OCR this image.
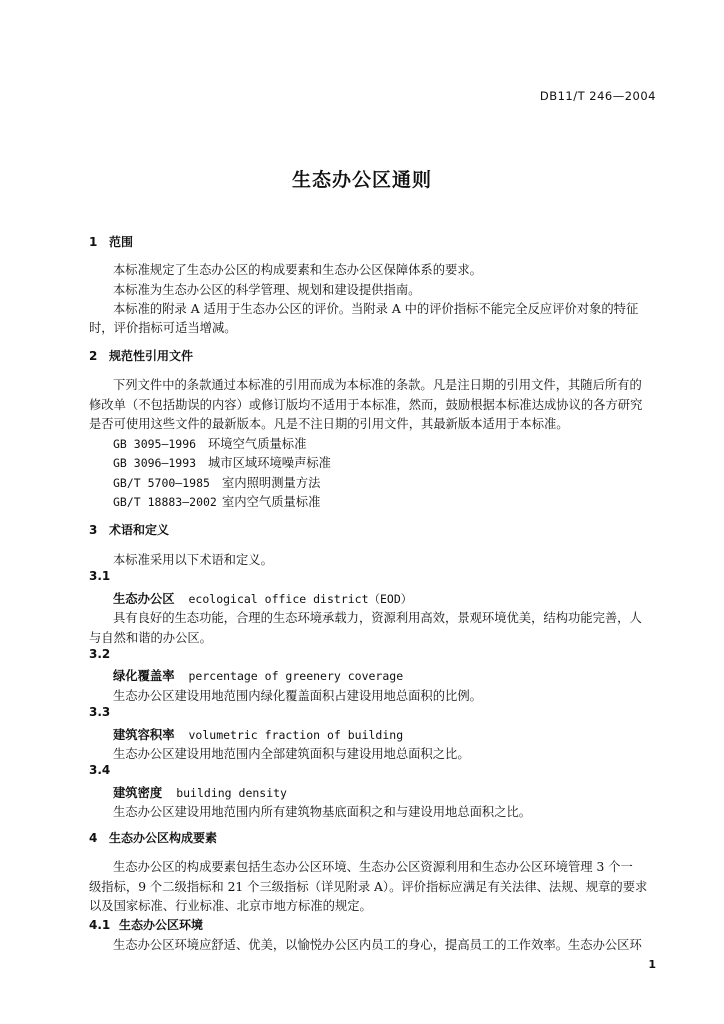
DB11/T 246—2004
生态办公区通则
1 范围
本标准规定了生态办公区的构成要素和生态办公区保障体系的要求。
本标准为生态办公区的科学管理、规划和建设提供指南。
本标准的附录 A 适用于生态办公区的评价。当附录 A 中的评价指标不能完全反应评价对象的特征
时，评价指标可适当增减。
2 规范性引用文件
下列文件中的条款通过本标准的引用而成为本标准的条款。凡是注日期的引用文件，其随后所有的
修改单（不包括勘误的内容）或修订版均不适用于本标准，然而，鼓励根据本标准达成协议的各方研究
是否可使用这些文件的最新版本。凡是不注日期的引用文件，其最新版本适用于本标准。
GB 3095—1996 环境空气质量标准
GB 3096—1993 城市区域环境噪声标准
GB/T 5700—1985 室内照明测量方法
GB/T 18883—2002 室内空气质量标准
3 术语和定义
本标准采用以下术语和定义。
3.1
生态办公区 ecological office district（EOD）
具有良好的生态功能，合理的生态环境承载力，资源利用高效，景观环境优美，结构功能完善，人
与自然和谐的办公区。
3.2
绿化覆盖率 percentage of greenery coverage
生态办公区建设用地范围内绿化覆盖面积占建设用地总面积的比例。
3.3
建筑容积率 volumetric fraction of building
生态办公区建设用地范围内全部建筑面积与建设用地总面积之比。
3.4
建筑密度 building density
生态办公区建设用地范围内所有建筑物基底面积之和与建设用地总面积之比。
4 生态办公区构成要素
生态办公区的构成要素包括生态办公区环境、生态办公区资源利用和生态办公区环境管理 3 个一
级指标，9 个二级指标和 21 个三级指标（详见附录 A）。评价指标应满足有关法律、法规、规章的要求
以及国家标准、行业标准、北京市地方标准的规定。
4.1 生态办公区环境
生态办公区环境应舒适、优美，以愉悦办公区内员工的身心，提高员工的工作效率。生态办公区环
1
